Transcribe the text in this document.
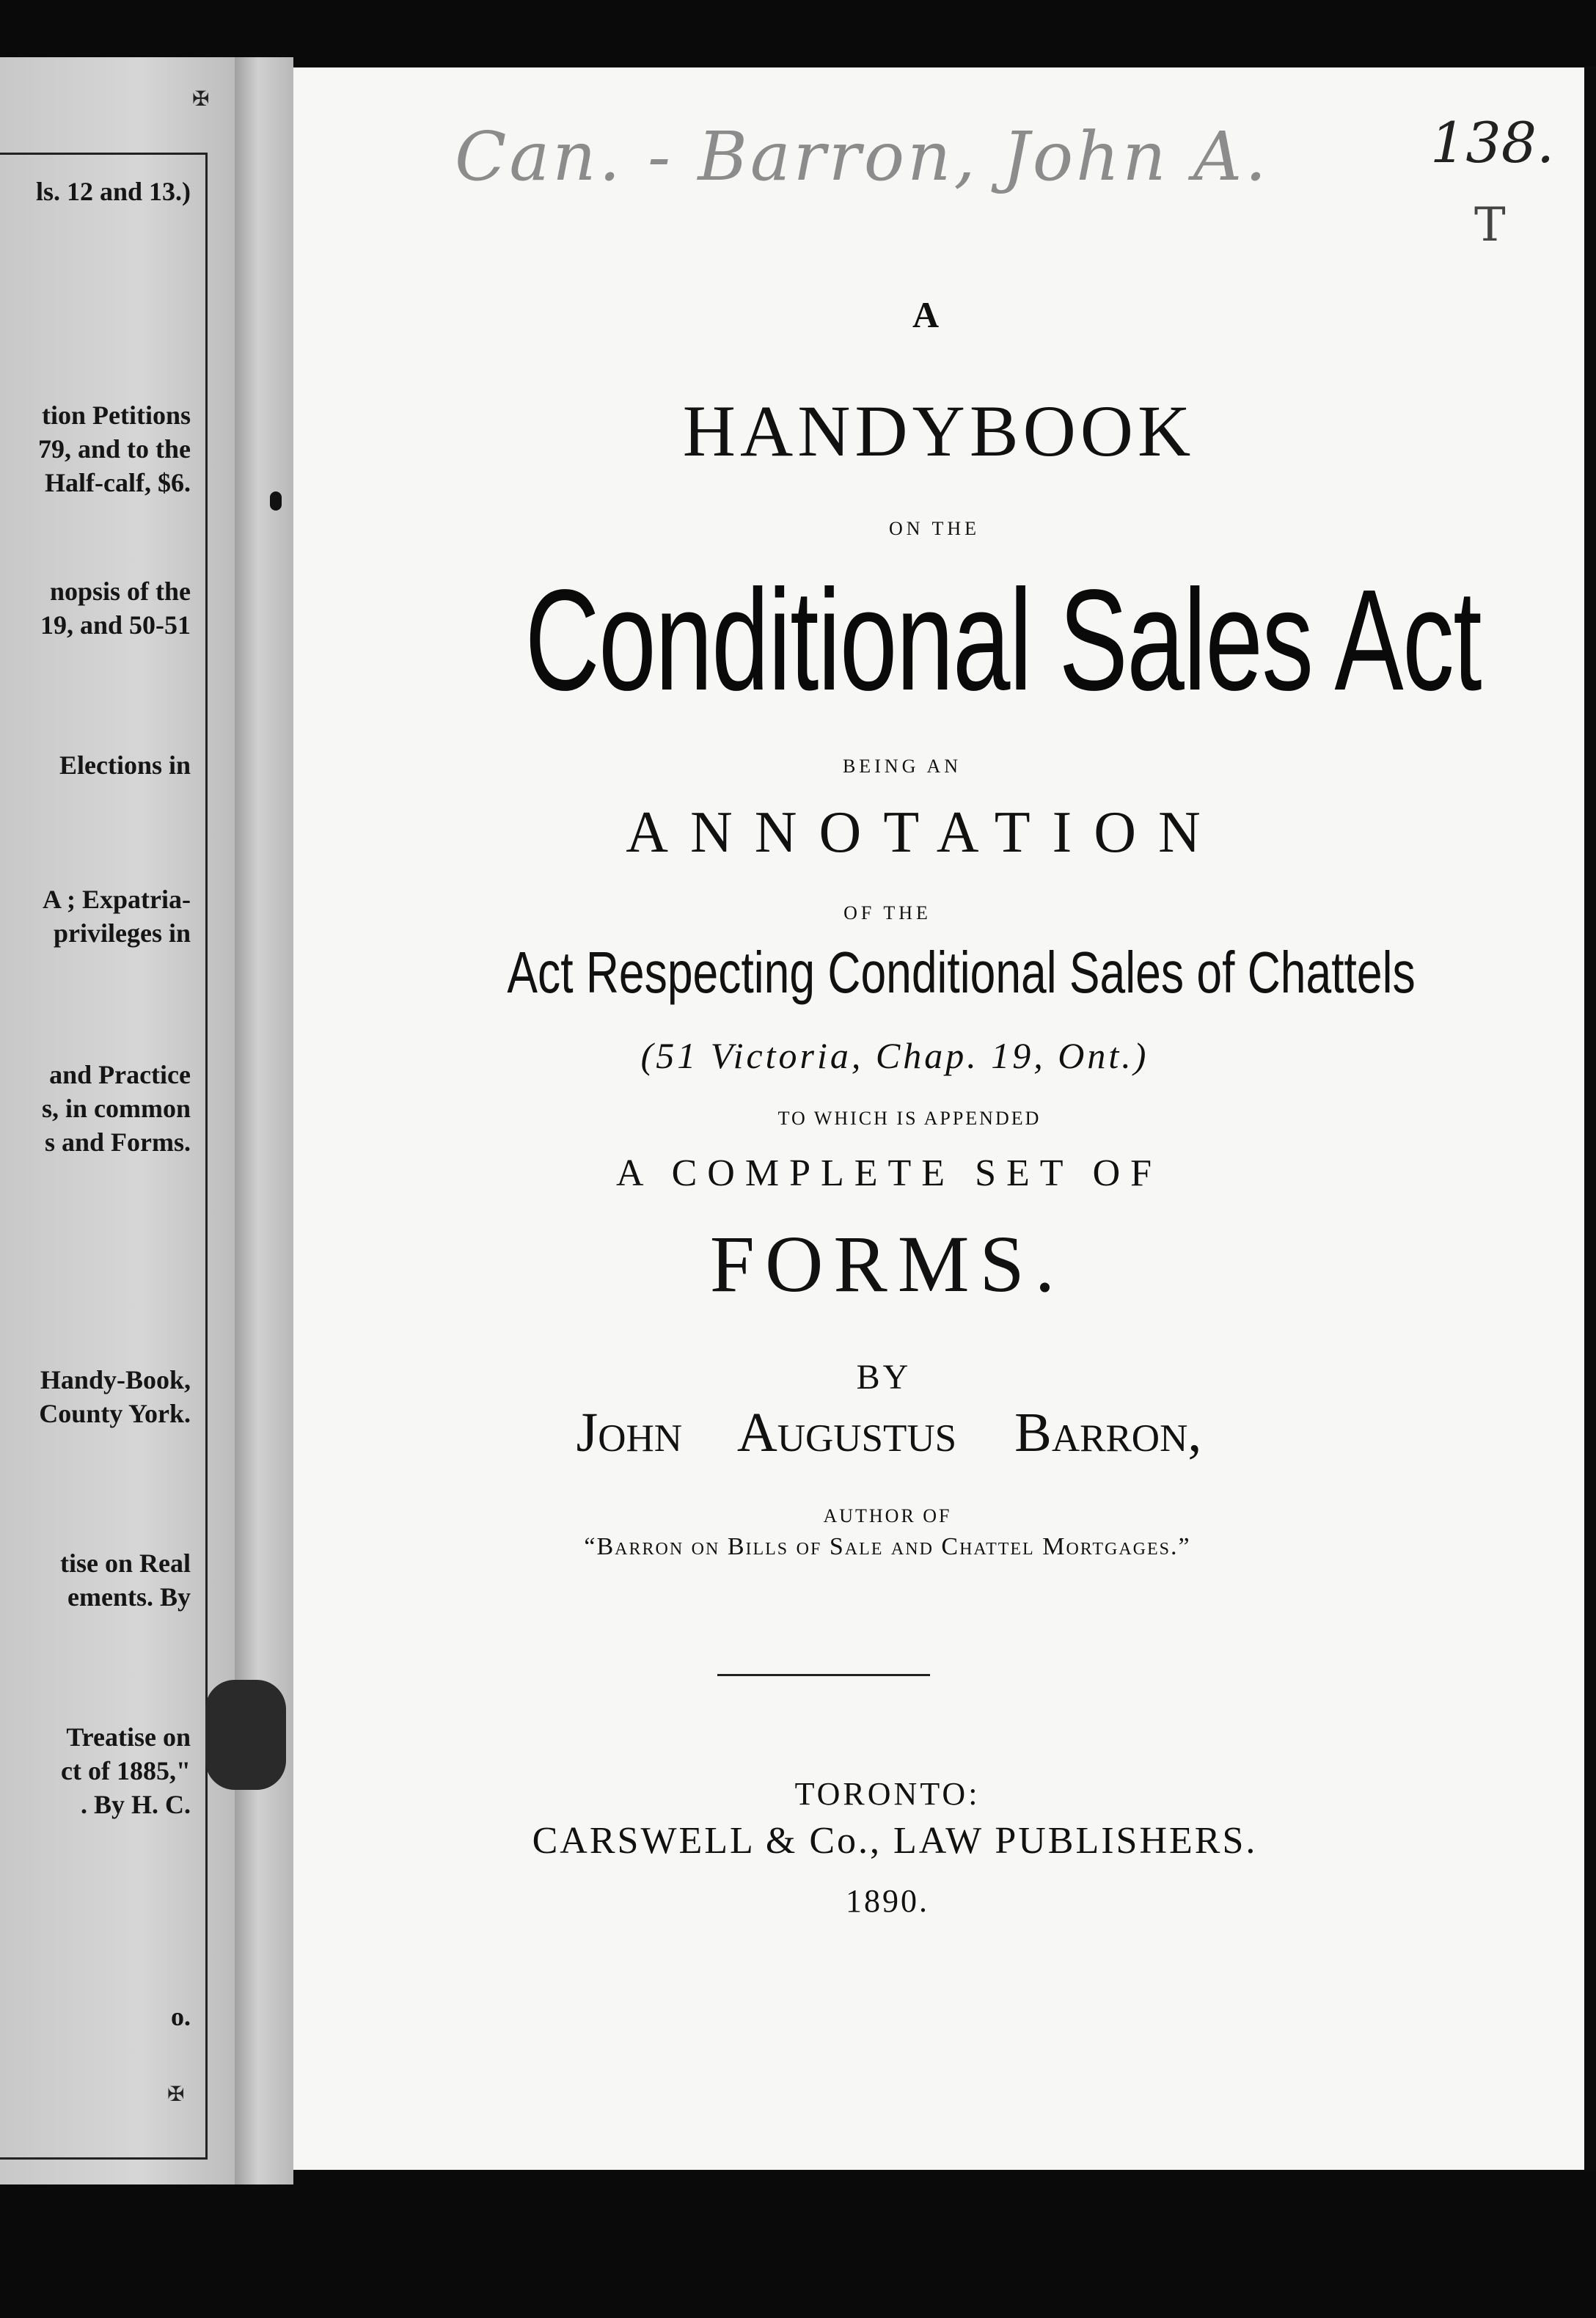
✠
✠
ls. 12 and 13.)
tion Petitions
79, and to the
Half-calf, $6.
nopsis of the
19, and 50-51
Elections in
A ; Expatria-
privileges in
and Practice
s, in common
s and Forms.
Handy-Book,
County York.
tise on Real
ements. By
Treatise on
ct of 1885,"
. By H. C.
o.
Can. - Barron, John A.	138.
T
A
HANDYBOOK
ON THE
Conditional Sales Act
BEING AN
ANNOTATION
OF THE
Act Respecting Conditional Sales of Chattels
(51 Victoria, Chap. 19, Ont.)
TO WHICH IS APPENDED
A COMPLETE SET OF
FORMS.
BY
John Augustus Barron,
AUTHOR OF
“Barron on Bills of Sale and Chattel Mortgages.”
TORONTO:
CARSWELL & Co., LAW PUBLISHERS.
1890.
